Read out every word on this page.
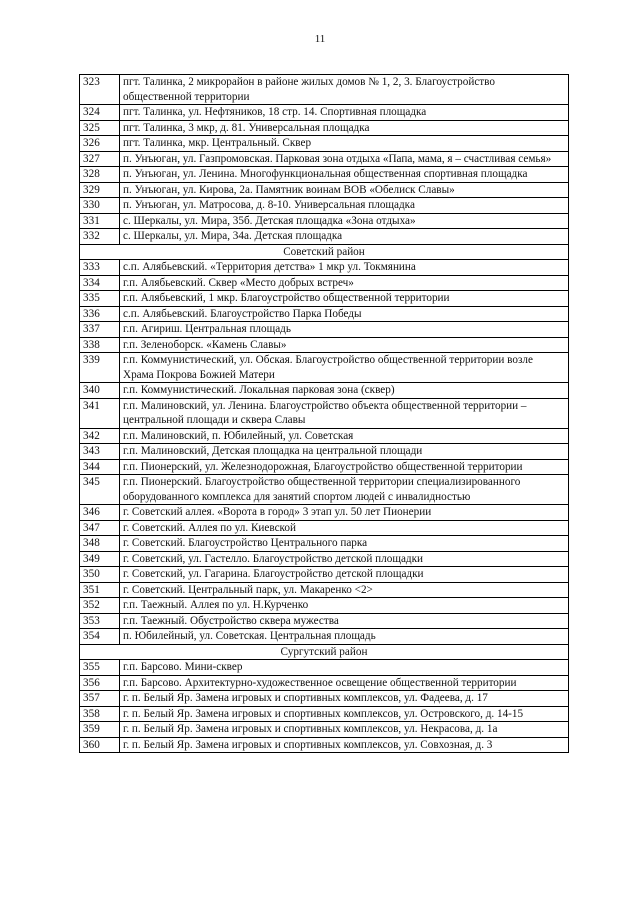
11
323	пгт. Талинка, 2 микрорайон в районе жилых домов № 1, 2, 3. Благоустройство общественной территории
324	пгт. Талинка, ул. Нефтяников, 18 стр. 14. Спортивная площадка
325	пгт. Талинка, 3 мкр, д. 81. Универсальная площадка
326	пгт. Талинка, мкр. Центральный. Сквер
327	п. Унъюган, ул. Газпромовская. Парковая зона отдыха «Папа, мама, я – счастливая семья»
328	п. Унъюган, ул. Ленина. Многофункциональная общественная спортивная площадка
329	п. Унъюган, ул. Кирова, 2а. Памятник воинам ВОВ «Обелиск Славы»
330	п. Унъюган, ул. Матросова, д. 8-10. Универсальная площадка
331	с. Шеркалы, ул. Мира, 35б. Детская площадка «Зона отдыха»
332	с. Шеркалы, ул. Мира, 34а. Детская площадка
Советский район	
333	с.п. Алябьевский. «Территория детства» 1 мкр ул. Токмянина
334	г.п. Алябьевский. Сквер «Место добрых встреч»
335	г.п. Алябьевский, 1 мкр. Благоустройство общественной территории
336	с.п. Алябьевский. Благоустройство Парка Победы
337	г.п. Агириш. Центральная площадь
338	г.п. Зеленоборск. «Камень Славы»
339	г.п. Коммунистический, ул. Обская. Благоустройство общественной территории возле Храма Покрова Божией Матери
340	г.п. Коммунистический. Локальная парковая зона (сквер)
341	г.п. Малиновский, ул. Ленина. Благоустройство объекта общественной территории – центральной площади и сквера Славы
342	г.п. Малиновский, п. Юбилейный, ул. Советская
343	г.п. Малиновский, Детская площадка на центральной площади
344	г.п. Пионерский, ул. Железнодорожная, Благоустройство общественной территории
345	г.п. Пионерский. Благоустройство общественной территории специализированного оборудованного комплекса для занятий спортом людей с инвалидностью
346	г. Советский аллея. «Ворота в город» 3 этап ул. 50 лет Пионерии
347	г. Советский. Аллея по ул. Киевской
348	г. Советский. Благоустройство Центрального парка
349	г. Советский, ул. Гастелло. Благоустройство детской площадки
350	г. Советский, ул. Гагарина. Благоустройство детской площадки
351	г. Советский. Центральный парк, ул. Макаренко <2>
352	г.п. Таежный. Аллея по ул. Н.Курченко
353	г.п. Таежный. Обустройство сквера мужества
354	п. Юбилейный, ул. Советская. Центральная площадь
Сургутский район	
355	г.п. Барсово. Мини-сквер
356	г.п. Барсово. Архитектурно-художественное освещение общественной территории
357	г. п. Белый Яр. Замена игровых и спортивных комплексов, ул. Фадеева, д. 17
358	г. п. Белый Яр. Замена игровых и спортивных комплексов, ул. Островского, д. 14-15
359	г. п. Белый Яр. Замена игровых и спортивных комплексов, ул. Некрасова, д. 1а
360	г. п. Белый Яр. Замена игровых и спортивных комплексов, ул. Совхозная, д. 3
